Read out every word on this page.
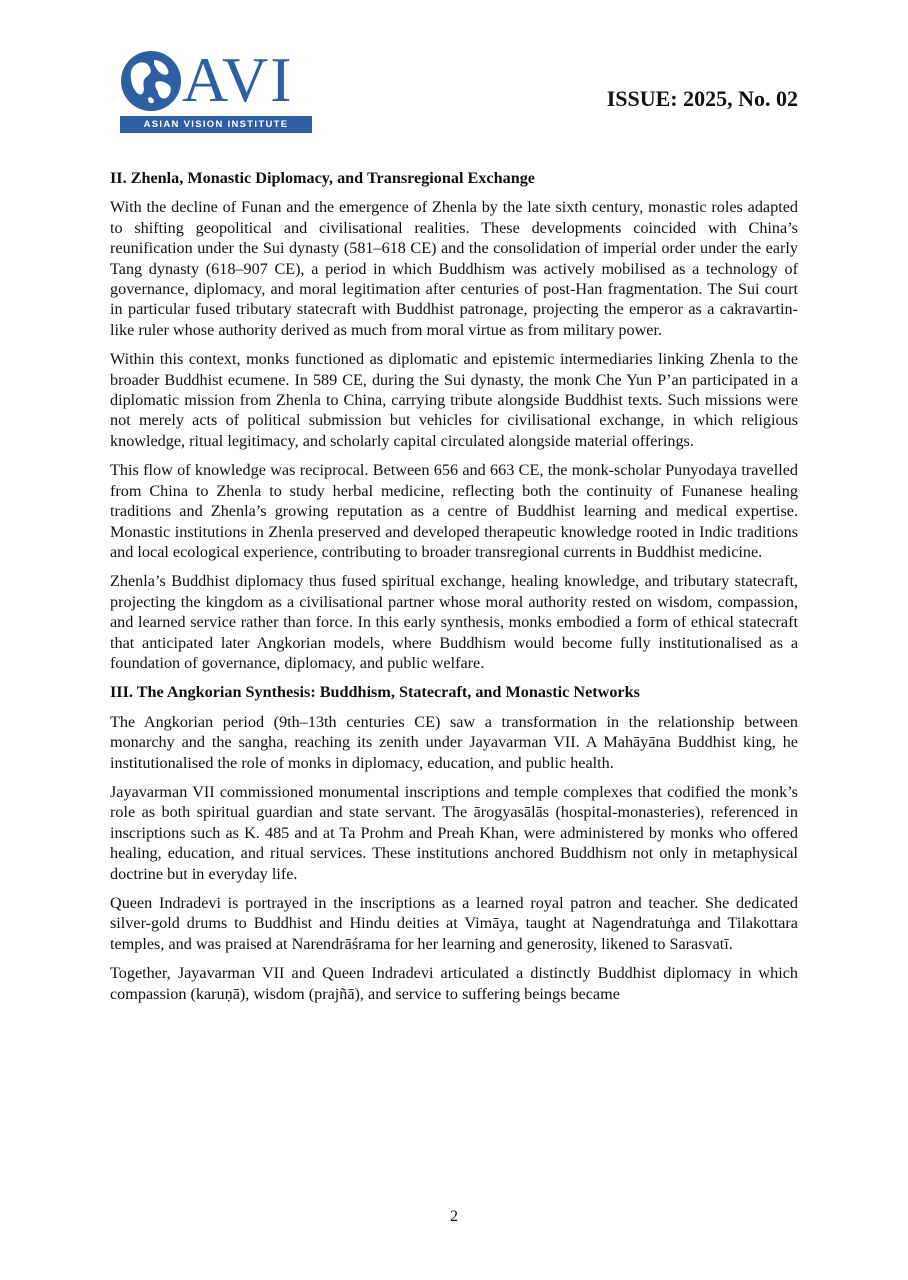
AVI
ASIAN VISION INSTITUTE
ISSUE: 2025, No. 02
II. Zhenla, Monastic Diplomacy, and Transregional Exchange

With the decline of Funan and the emergence of Zhenla by the late sixth century, monastic roles adapted to shifting geopolitical and civilisational realities. These developments coincided with China’s reunification under the Sui dynasty (581–618 CE) and the consolidation of imperial order under the early Tang dynasty (618–907 CE), a period in which Buddhism was actively mobilised as a technology of governance, diplomacy, and moral legitimation after centuries of post-Han fragmentation. The Sui court in particular fused tributary statecraft with Buddhist patronage, projecting the emperor as a cakravartin-like ruler whose authority derived as much from moral virtue as from military power.

Within this context, monks functioned as diplomatic and epistemic intermediaries linking Zhenla to the broader Buddhist ecumene. In 589 CE, during the Sui dynasty, the monk Che Yun P’an participated in a diplomatic mission from Zhenla to China, carrying tribute alongside Buddhist texts. Such missions were not merely acts of political submission but vehicles for civilisational exchange, in which religious knowledge, ritual legitimacy, and scholarly capital circulated alongside material offerings.

This flow of knowledge was reciprocal. Between 656 and 663 CE, the monk-scholar Punyodaya travelled from China to Zhenla to study herbal medicine, reflecting both the continuity of Funanese healing traditions and Zhenla’s growing reputation as a centre of Buddhist learning and medical expertise. Monastic institutions in Zhenla preserved and developed therapeutic knowledge rooted in Indic traditions and local ecological experience, contributing to broader transregional currents in Buddhist medicine.

Zhenla’s Buddhist diplomacy thus fused spiritual exchange, healing knowledge, and tributary statecraft, projecting the kingdom as a civilisational partner whose moral authority rested on wisdom, compassion, and learned service rather than force. In this early synthesis, monks embodied a form of ethical statecraft that anticipated later Angkorian models, where Buddhism would become fully institutionalised as a foundation of governance, diplomacy, and public welfare.

III. The Angkorian Synthesis: Buddhism, Statecraft, and Monastic Networks

The Angkorian period (9th–13th centuries CE) saw a transformation in the relationship between monarchy and the sangha, reaching its zenith under Jayavarman VII. A Mahāyāna Buddhist king, he institutionalised the role of monks in diplomacy, education, and public health.

Jayavarman VII commissioned monumental inscriptions and temple complexes that codified the monk’s role as both spiritual guardian and state servant. The ārogyasālās (hospital-monasteries), referenced in inscriptions such as K. 485 and at Ta Prohm and Preah Khan, were administered by monks who offered healing, education, and ritual services. These institutions anchored Buddhism not only in metaphysical doctrine but in everyday life.

Queen Indradevi is portrayed in the inscriptions as a learned royal patron and teacher. She dedicated silver-gold drums to Buddhist and Hindu deities at Vimāya, taught at Nagendratuṅga and Tilakottara temples, and was praised at Narendrāśrama for her learning and generosity, likened to Sarasvatī.

Together, Jayavarman VII and Queen Indradevi articulated a distinctly Buddhist diplomacy in which compassion (karuṇā), wisdom (prajñā), and service to suffering beings became

2
